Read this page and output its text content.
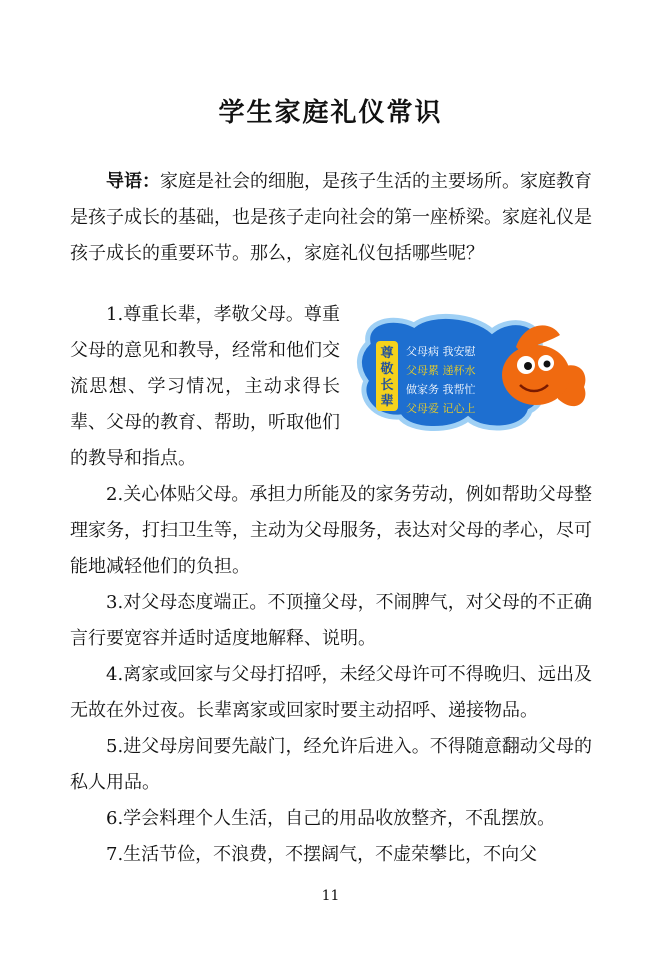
学生家庭礼仪常识

导语：家庭是社会的细胞，是孩子生活的主要场所。家庭教育是孩子成长的基础，也是孩子走向社会的第一座桥梁。家庭礼仪是孩子成长的重要环节。那么，家庭礼仪包括哪些呢？

尊
敬
长
辈
父母病 我安慰
父母累 递杯水
做家务 我帮忙
父母爱 记心上

1.尊重长辈，孝敬父母。尊重父母的意见和教导，经常和他们交流思想、学习情况，主动求得长辈、父母的教育、帮助，听取他们的教导和指点。

2.关心体贴父母。承担力所能及的家务劳动，例如帮助父母整理家务，打扫卫生等，主动为父母服务，表达对父母的孝心，尽可能地减轻他们的负担。

3.对父母态度端正。不顶撞父母，不闹脾气，对父母的不正确言行要宽容并适时适度地解释、说明。

4.离家或回家与父母打招呼，未经父母许可不得晚归、远出及无故在外过夜。长辈离家或回家时要主动招呼、递接物品。

5.进父母房间要先敲门，经允许后进入。不得随意翻动父母的私人用品。

6.学会料理个人生活，自己的用品收放整齐，不乱摆放。

7.生活节俭，不浪费，不摆阔气，不虚荣攀比，不向父

11
